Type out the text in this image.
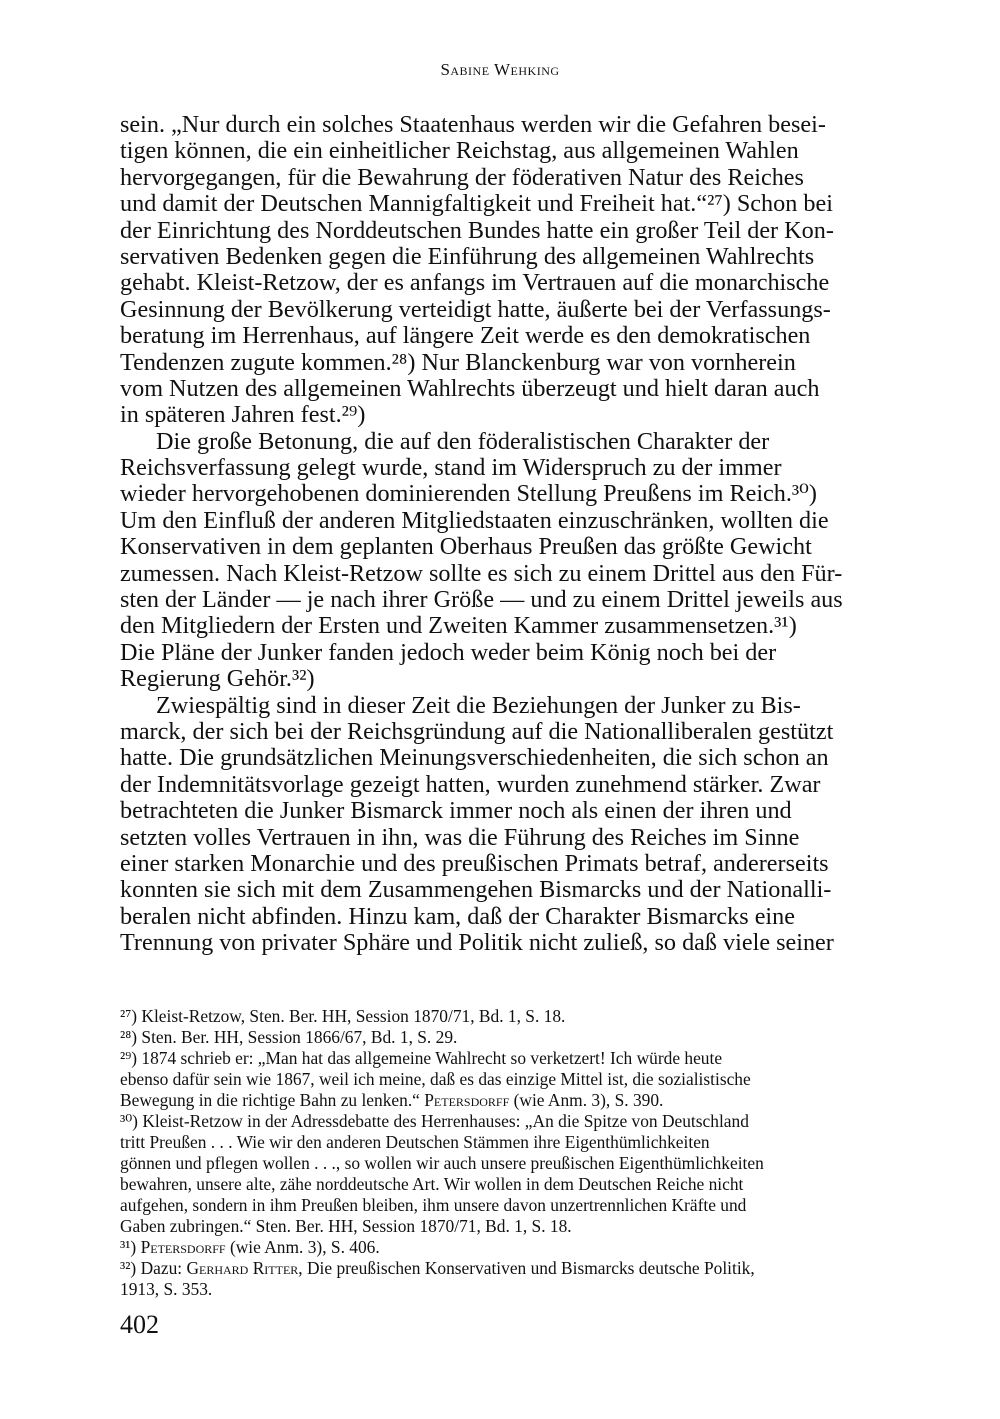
Sabine Wehking
sein. „Nur durch ein solches Staatenhaus werden wir die Gefahren besei-
tigen können, die ein einheitlicher Reichstag, aus allgemeinen Wahlen
hervorgegangen, für die Bewahrung der föderativen Natur des Reiches
und damit der Deutschen Mannigfaltigkeit und Freiheit hat.“²⁷) Schon bei
der Einrichtung des Norddeutschen Bundes hatte ein großer Teil der Kon-
servativen Bedenken gegen die Einführung des allgemeinen Wahlrechts
gehabt. Kleist-Retzow, der es anfangs im Vertrauen auf die monarchische
Gesinnung der Bevölkerung verteidigt hatte, äußerte bei der Verfassungs-
beratung im Herrenhaus, auf längere Zeit werde es den demokratischen
Tendenzen zugute kommen.²⁸) Nur Blanckenburg war von vornherein
vom Nutzen des allgemeinen Wahlrechts überzeugt und hielt daran auch
in späteren Jahren fest.²⁹)
Die große Betonung, die auf den föderalistischen Charakter der
Reichsverfassung gelegt wurde, stand im Widerspruch zu der immer
wieder hervorgehobenen dominierenden Stellung Preußens im Reich.³⁰)
Um den Einfluß der anderen Mitgliedstaaten einzuschränken, wollten die
Konservativen in dem geplanten Oberhaus Preußen das größte Gewicht
zumessen. Nach Kleist-Retzow sollte es sich zu einem Drittel aus den Für-
sten der Länder — je nach ihrer Größe — und zu einem Drittel jeweils aus
den Mitgliedern der Ersten und Zweiten Kammer zusammensetzen.³¹)
Die Pläne der Junker fanden jedoch weder beim König noch bei der
Regierung Gehör.³²)
Zwiespältig sind in dieser Zeit die Beziehungen der Junker zu Bis-
marck, der sich bei der Reichsgründung auf die Nationalliberalen gestützt
hatte. Die grundsätzlichen Meinungsverschiedenheiten, die sich schon an
der Indemnitätsvorlage gezeigt hatten, wurden zunehmend stärker. Zwar
betrachteten die Junker Bismarck immer noch als einen der ihren und
setzten volles Vertrauen in ihn, was die Führung des Reiches im Sinne
einer starken Monarchie und des preußischen Primats betraf, andererseits
konnten sie sich mit dem Zusammengehen Bismarcks und der Nationalli-
beralen nicht abfinden. Hinzu kam, daß der Charakter Bismarcks eine
Trennung von privater Sphäre und Politik nicht zuließ, so daß viele seiner
²⁷) Kleist-Retzow, Sten. Ber. HH, Session 1870/71, Bd. 1, S. 18.
²⁸) Sten. Ber. HH, Session 1866/67, Bd. 1, S. 29.
²⁹) 1874 schrieb er: „Man hat das allgemeine Wahlrecht so verketzert! Ich würde heute
ebenso dafür sein wie 1867, weil ich meine, daß es das einzige Mittel ist, die sozialistische
Bewegung in die richtige Bahn zu lenken.“ Petersdorff (wie Anm. 3), S. 390.
³⁰) Kleist-Retzow in der Adressdebatte des Herrenhauses: „An die Spitze von Deutschland
tritt Preußen . . . Wie wir den anderen Deutschen Stämmen ihre Eigenthümlichkeiten
gönnen und pflegen wollen . . ., so wollen wir auch unsere preußischen Eigenthümlichkeiten
bewahren, unsere alte, zähe norddeutsche Art. Wir wollen in dem Deutschen Reiche nicht
aufgehen, sondern in ihm Preußen bleiben, ihm unsere davon unzertrennlichen Kräfte und
Gaben zubringen.“ Sten. Ber. HH, Session 1870/71, Bd. 1, S. 18.
³¹) Petersdorff (wie Anm. 3), S. 406.
³²) Dazu: Gerhard Ritter, Die preußischen Konservativen und Bismarcks deutsche Politik,
1913, S. 353.
402
